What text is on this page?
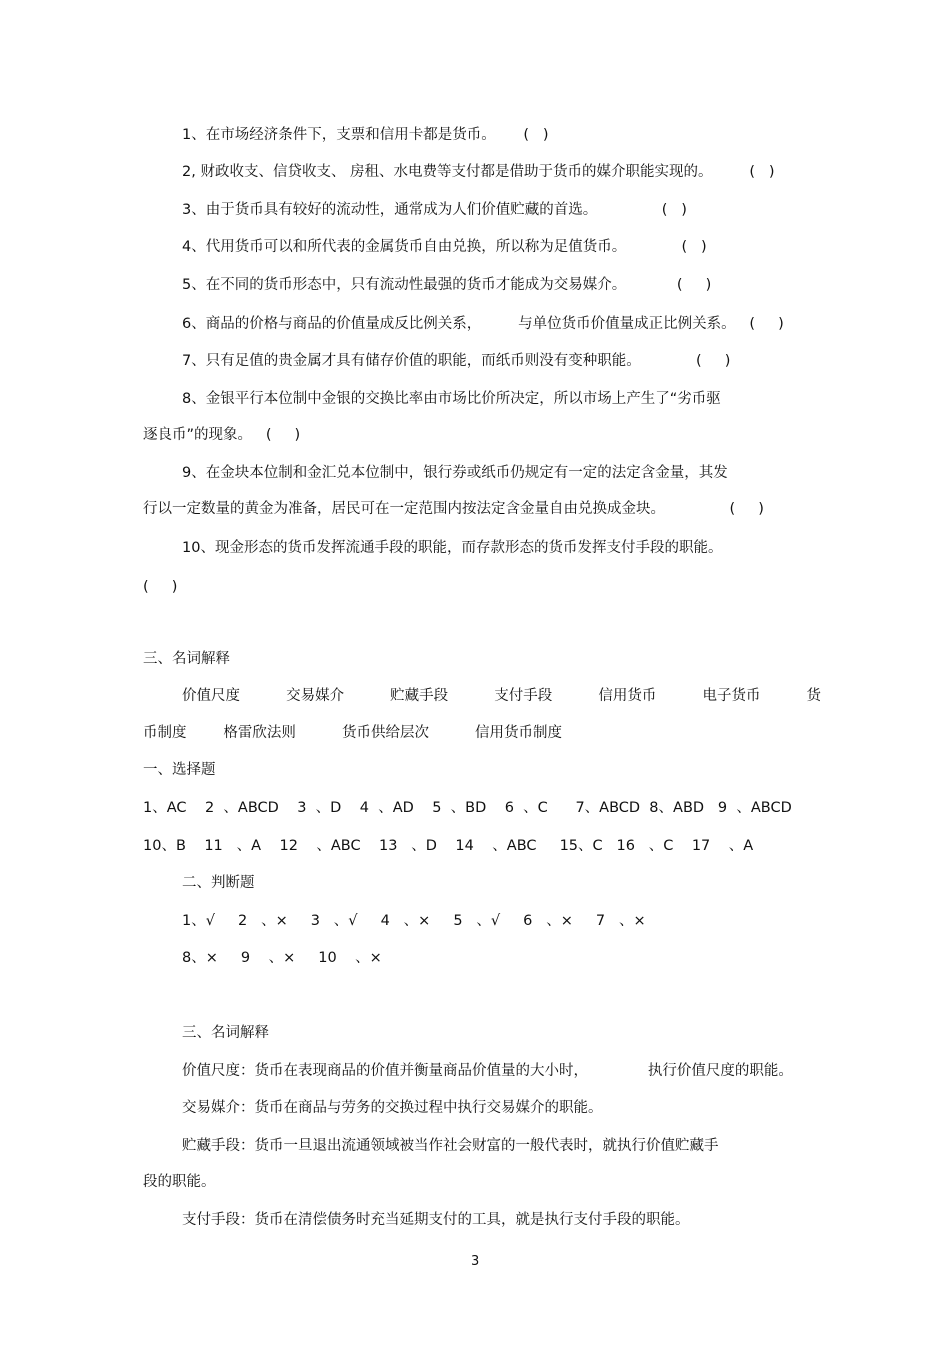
1、在市场经济条件下，支票和信用卡都是货币。      (   )
2, 财政收支、信贷收支、 房租、水电费等支付都是借助于货币的媒介职能实现的。        (   )
3、由于货币具有较好的流动性，通常成为人们价值贮藏的首选。              (   )
4、代用货币可以和所代表的金属货币自由兑换，所以称为足值货币。            (   )
5、在不同的货币形态中，只有流动性最强的货币才能成为交易媒介。           (     )
6、商品的价格与商品的价值量成反比例关系，        与单位货币价值量成正比例关系。   (     )
7、只有足值的贵金属才具有储存价值的职能，而纸币则没有变种职能。            (     )
8、金银平行本位制中金银的交换比率由市场比价所决定，所以市场上产生了“劣币驱
逐良币”的现象。   (     )
9、在金块本位制和金汇兑本位制中，银行券或纸币仍规定有一定的法定含金量，其发
行以一定数量的黄金为准备，居民可在一定范围内按法定含金量自由兑换成金块。              (     )
10、现金形态的货币发挥流通手段的职能，而存款形态的货币发挥支付手段的职能。
(     )
三、名词解释
价值尺度          交易媒介          贮藏手段          支付手段          信用货币          电子货币          货
币制度        格雷欣法则          货币供给层次          信用货币制度
一、选择题
1、AC    2  、ABCD    3  、D    4  、AD    5  、BD    6  、C      7、ABCD  8、ABD   9  、ABCD
10、B    11   、A    12    、ABC    13   、D    14    、ABC     15、C   16   、C    17    、A
二、判断题
1、√     2   、×     3   、√     4   、×     5   、√     6   、×     7   、×
8、×     9    、×     10    、×
三、名词解释
价值尺度：货币在表现商品的价值并衡量商品价值量的大小时，             执行价值尺度的职能。
交易媒介：货币在商品与劳务的交换过程中执行交易媒介的职能。
贮藏手段：货币一旦退出流通领域被当作社会财富的一般代表时，就执行价值贮藏手
段的职能。
支付手段：货币在清偿债务时充当延期支付的工具，就是执行支付手段的职能。
3
